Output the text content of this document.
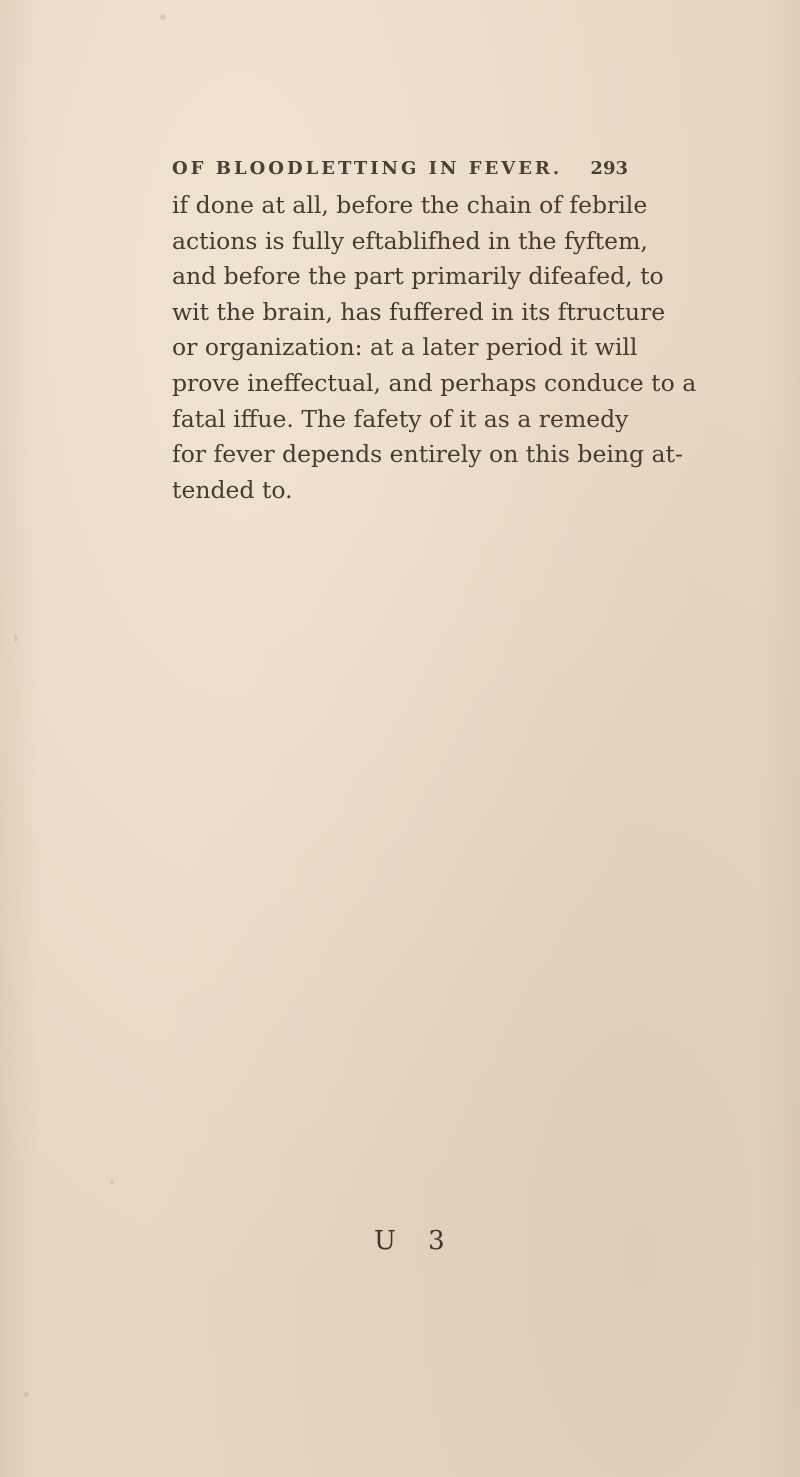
OF BLOODLETTING IN FEVER.	293
if done at all, before the chain of febrile
actions is fully eftablifhed in the fyftem,
and before the part primarily difeafed, to
wit the brain, has fuffered in its ftructure
or organization: at a later period it will
prove ineffectual, and perhaps conduce to a
fatal iffue. The fafety of it as a remedy
for fever depends entirely on this being at-
tended to.
U 3
